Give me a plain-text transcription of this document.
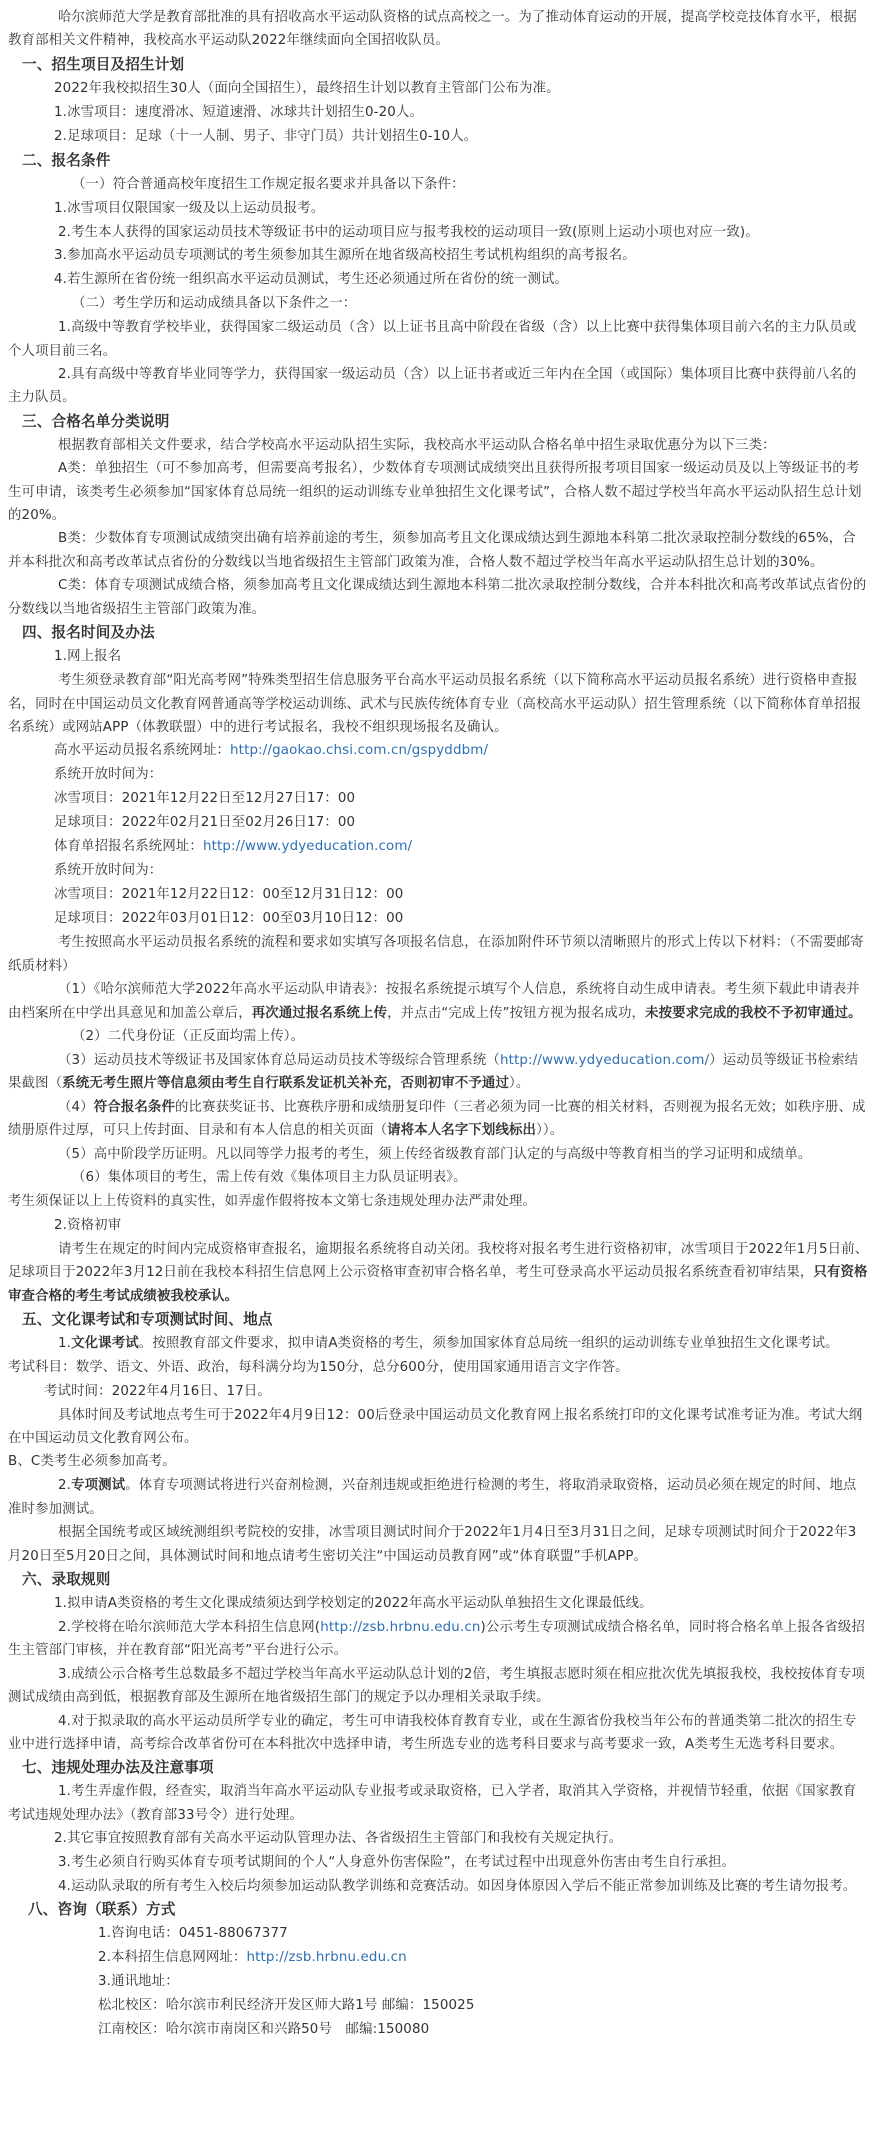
哈尔滨师范大学是教育部批准的具有招收高水平运动队资格的试点高校之一。为了推动体育运动的开展，提高学校竞技体育水平，根据教育部相关文件精神，我校高水平运动队2022年继续面向全国招收队员。

一、招生项目及招生计划

2022年我校拟招生30人（面向全国招生），最终招生计划以教育主管部门公布为准。

1.冰雪项目：速度滑冰、短道速滑、冰球共计划招生0-20人。

2.足球项目：足球（十一人制、男子、非守门员）共计划招生0-10人。

二、报名条件

（一）符合普通高校年度招生工作规定报名要求并具备以下条件：

1.冰雪项目仅限国家一级及以上运动员报考。

2.考生本人获得的国家运动员技术等级证书中的运动项目应与报考我校的运动项目一致(原则上运动小项也对应一致)。

3.参加高水平运动员专项测试的考生须参加其生源所在地省级高校招生考试机构组织的高考报名。

4.若生源所在省份统一组织高水平运动员测试，考生还必须通过所在省份的统一测试。

（二）考生学历和运动成绩具备以下条件之一：

1.高级中等教育学校毕业，获得国家二级运动员（含）以上证书且高中阶段在省级（含）以上比赛中获得集体项目前六名的主力队员或个人项目前三名。

2.具有高级中等教育毕业同等学力，获得国家一级运动员（含）以上证书者或近三年内在全国（或国际）集体项目比赛中获得前八名的主力队员。

三、合格名单分类说明

根据教育部相关文件要求，结合学校高水平运动队招生实际，我校高水平运动队合格名单中招生录取优惠分为以下三类：

A类：单独招生（可不参加高考，但需要高考报名），少数体育专项测试成绩突出且获得所报考项目国家一级运动员及以上等级证书的考生可申请，该类考生必须参加“国家体育总局统一组织的运动训练专业单独招生文化课考试”，合格人数不超过学校当年高水平运动队招生总计划的20%。

B类：少数体育专项测试成绩突出确有培养前途的考生，须参加高考且文化课成绩达到生源地本科第二批次录取控制分数线的65%，合并本科批次和高考改革试点省份的分数线以当地省级招生主管部门政策为准，合格人数不超过学校当年高水平运动队招生总计划的30%。

C类：体育专项测试成绩合格，须参加高考且文化课成绩达到生源地本科第二批次录取控制分数线，合并本科批次和高考改革试点省份的分数线以当地省级招生主管部门政策为准。

四、报名时间及办法

1.网上报名

考生须登录教育部“阳光高考网”特殊类型招生信息服务平台高水平运动员报名系统（以下简称高水平运动员报名系统）进行资格申查报名，同时在中国运动员文化教育网普通高等学校运动训练、武术与民族传统体育专业（高校高水平运动队）招生管理系统（以下简称体育单招报名系统）或网站APP（体教联盟）中的进行考试报名，我校不组织现场报名及确认。

高水平运动员报名系统网址：http://gaokao.chsi.com.cn/gspyddbm/

系统开放时间为：

冰雪项目：2021年12月22日至12月27日17：00

足球项目：2022年02月21日至02月26日17：00

体育单招报名系统网址：http://www.ydyeducation.com/

系统开放时间为：

冰雪项目：2021年12月22日12：00至12月31日12：00

足球项目：2022年03月01日12：00至03月10日12：00

考生按照高水平运动员报名系统的流程和要求如实填写各项报名信息，在添加附件环节须以清晰照片的形式上传以下材料：（不需要邮寄纸质材料）

（1）《哈尔滨师范大学2022年高水平运动队申请表》：按报名系统提示填写个人信息，系统将自动生成申请表。考生须下载此申请表并由档案所在中学出具意见和加盖公章后，再次通过报名系统上传，并点击“完成上传”按钮方视为报名成功，未按要求完成的我校不予初审通过。

（2）二代身份证（正反面均需上传）。

（3）运动员技术等级证书及国家体育总局运动员技术等级综合管理系统（http://www.ydyeducation.com/）运动员等级证书检索结果截图（系统无考生照片等信息须由考生自行联系发证机关补充，否则初审不予通过）。

（4）符合报名条件的比赛获奖证书、比赛秩序册和成绩册复印件（三者必须为同一比赛的相关材料，否则视为报名无效；如秩序册、成绩册原件过厚，可只上传封面、目录和有本人信息的相关页面（请将本人名字下划线标出））。

（5）高中阶段学历证明。凡以同等学力报考的考生，须上传经省级教育部门认定的与高级中等教育相当的学习证明和成绩单。

（6）集体项目的考生，需上传有效《集体项目主力队员证明表》。

考生须保证以上上传资料的真实性，如弄虚作假将按本文第七条违规处理办法严肃处理。

2.资格初审

请考生在规定的时间内完成资格审查报名，逾期报名系统将自动关闭。我校将对报名考生进行资格初审，冰雪项目于2022年1月5日前、足球项目于2022年3月12日前在我校本科招生信息网上公示资格审查初审合格名单，考生可登录高水平运动员报名系统查看初审结果，只有资格审查合格的考生考试成绩被我校承认。

五、文化课考试和专项测试时间、地点

1.文化课考试。按照教育部文件要求，拟申请A类资格的考生，须参加国家体育总局统一组织的运动训练专业单独招生文化课考试。

考试科目：数学、语文、外语、政治，每科满分均为150分，总分600分，使用国家通用语言文字作答。

考试时间：2022年4月16日、17日。

具体时间及考试地点考生可于2022年4月9日12：00后登录中国运动员文化教育网上报名系统打印的文化课考试准考证为准。考试大纲在中国运动员文化教育网公布。

B、C类考生必须参加高考。

2.专项测试。体育专项测试将进行兴奋剂检测，兴奋剂违规或拒绝进行检测的考生，将取消录取资格，运动员必须在规定的时间、地点准时参加测试。

根据全国统考或区域统测组织考院校的安排，冰雪项目测试时间介于2022年1月4日至3月31日之间，足球专项测试时间介于2022年3月20日至5月20日之间，具体测试时间和地点请考生密切关注“中国运动员教育网”或“体育联盟”手机APP。

六、录取规则

1.拟申请A类资格的考生文化课成绩须达到学校划定的2022年高水平运动队单独招生文化课最低线。

2.学校将在哈尔滨师范大学本科招生信息网(http://zsb.hrbnu.edu.cn)公示考生专项测试成绩合格名单，同时将合格名单上报各省级招生主管部门审核，并在教育部“阳光高考”平台进行公示。

3.成绩公示合格考生总数最多不超过学校当年高水平运动队总计划的2倍，考生填报志愿时须在相应批次优先填报我校，我校按体育专项测试成绩由高到低，根据教育部及生源所在地省级招生部门的规定予以办理相关录取手续。

4.对于拟录取的高水平运动员所学专业的确定，考生可申请我校体育教育专业，或在生源省份我校当年公布的普通类第二批次的招生专业中进行选择申请，高考综合改革省份可在本科批次中选择申请，考生所选专业的选考科目要求与高考要求一致，A类考生无选考科目要求。

七、违规处理办法及注意事项

1.考生弄虚作假，经查实，取消当年高水平运动队专业报考或录取资格，已入学者，取消其入学资格，并视情节轻重，依据《国家教育考试违规处理办法》（教育部33号令）进行处理。

2.其它事宜按照教育部有关高水平运动队管理办法、各省级招生主管部门和我校有关规定执行。

3.考生必须自行购买体育专项考试期间的个人“人身意外伤害保险”，在考试过程中出现意外伤害由考生自行承担。

4.运动队录取的所有考生入校后均须参加运动队教学训练和竞赛活动。如因身体原因入学后不能正常参加训练及比赛的考生请勿报考。

八、咨询（联系）方式

1.咨询电话：0451-88067377

2.本科招生信息网网址：http://zsb.hrbnu.edu.cn

3.通讯地址：

松北校区：哈尔滨市利民经济开发区师大路1号 邮编：150025

江南校区：哈尔滨市南岗区和兴路50号　邮编:150080
